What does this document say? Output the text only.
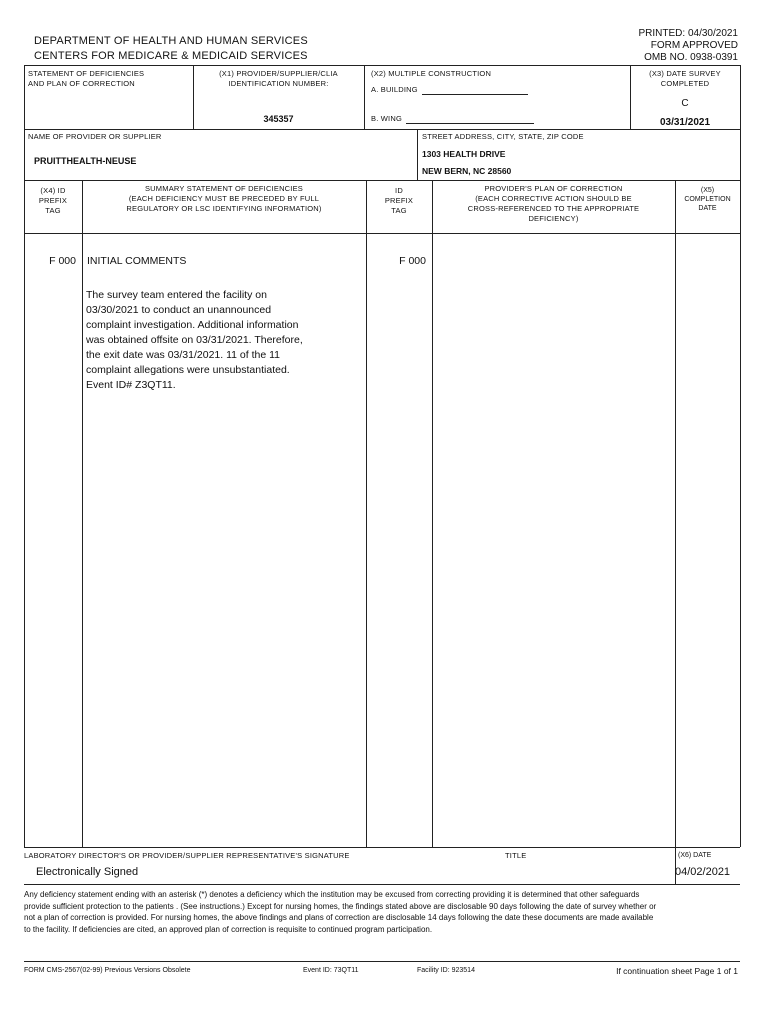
PRINTED: 04/30/2021
FORM APPROVED
OMB NO. 0938-0391
DEPARTMENT OF HEALTH AND HUMAN SERVICES
CENTERS FOR MEDICARE & MEDICAID SERVICES
STATEMENT OF DEFICIENCIES
AND PLAN OF CORRECTION
(X1) PROVIDER/SUPPLIER/CLIA
IDENTIFICATION NUMBER:
345357
(X2) MULTIPLE CONSTRUCTION
A. BUILDING
B. WING
(X3) DATE SURVEY
COMPLETED
C
03/31/2021
NAME OF PROVIDER OR SUPPLIER
PRUITTHEALTH-NEUSE
STREET ADDRESS, CITY, STATE, ZIP CODE
1303 HEALTH DRIVE
NEW BERN, NC 28560
(X4) ID
PREFIX
TAG
SUMMARY STATEMENT OF DEFICIENCIES
(EACH DEFICIENCY MUST BE PRECEDED BY FULL
REGULATORY OR LSC IDENTIFYING INFORMATION)
ID
PREFIX
TAG
PROVIDER'S PLAN OF CORRECTION
(EACH CORRECTIVE ACTION SHOULD BE
CROSS-REFERENCED TO THE APPROPRIATE
DEFICIENCY)
(X5)
COMPLETION
DATE
F 000 INITIAL COMMENTS	F 000
The survey team entered the facility on
03/30/2021 to conduct an unannounced
complaint investigation. Additional information
was obtained offsite on 03/31/2021. Therefore,
the exit date was 03/31/2021. 11 of the 11
complaint allegations were unsubstantiated.
Event ID# Z3QT11.
LABORATORY DIRECTOR'S OR PROVIDER/SUPPLIER REPRESENTATIVE'S SIGNATURE
Electronically Signed
TITLE	(X6) DATE
04/02/2021
Any deficiency statement ending with an asterisk (*) denotes a deficiency which the institution may be excused from correcting providing it is determined that other safeguards provide sufficient protection to the patients . (See instructions.) Except for nursing homes, the findings stated above are disclosable 90 days following the date of survey whether or not a plan of correction is provided. For nursing homes, the above findings and plans of correction are disclosable 14 days following the date these documents are made available to the facility. If deficiencies are cited, an approved plan of correction is requisite to continued program participation.
FORM CMS-2567(02-99) Previous Versions Obsolete	Event ID: 73QT11	Facility ID: 923514	If continuation sheet Page 1 of 1
